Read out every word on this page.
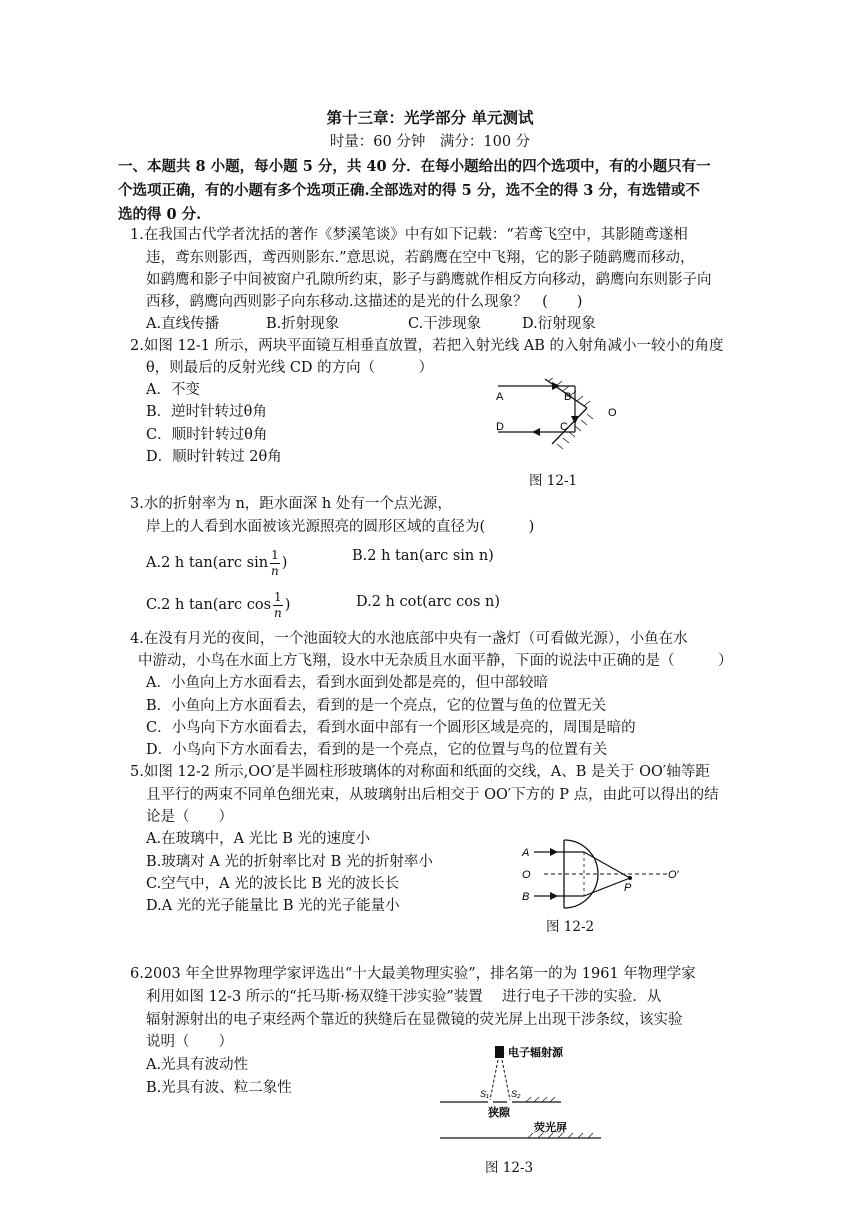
第十三章：光学部分 单元测试
时量：60 分钟　满分：100 分
一、本题共 8 小题，每小题 5 分，共 40 分．在每小题给出的四个选项中，有的小题只有一
个选项正确，有的小题有多个选项正确.全部选对的得 5 分，选不全的得 3 分，有选错或不
选的得 0 分.
1.在我国古代学者沈括的著作《梦溪笔谈》中有如下记载：“若鸢飞空中，其影随鸢遂相
违，鸢东则影西，鸢西则影东.”意思说，若鹞鹰在空中飞翔，它的影子随鹞鹰而移动，
如鹞鹰和影子中间被窗户孔隙所约束，影子与鹞鹰就作相反方向移动，鹞鹰向东则影子向
西移，鹞鹰向西则影子向东移动.这描述的是光的什么现象？　(　　)
A.直线传播	B.折射现象	C.干涉现象	D.衍射现象
2.如图 12-1 所示，两块平面镜互相垂直放置，若把入射光线 AB 的入射角减小一较小的角度
θ，则最后的反射光线 CD 的方向（　　　）
A．不变
B．逆时针转过θ角
C．顺时针转过θ角
D．顺时针转过 2θ角
A	B
C
D
O
图 12-1
3.水的折射率为 n，距水面深 h 处有一个点光源，
岸上的人看到水面被该光源照亮的圆形区域的直径为(　　　)
A.2 h tan(arc $\sin \frac{1}{n}$ )	B.2 h tan(arc sin n)
C.2 h tan(arc $\cos \frac{1}{n}$ )	D.2 h cot(arc cos n)
4.在没有月光的夜间，一个池面较大的水池底部中央有一盏灯（可看做光源），小鱼在水
中游动，小鸟在水面上方飞翔，设水中无杂质且水面平静，下面的说法中正确的是（　　　）
A．小鱼向上方水面看去，看到水面到处都是亮的，但中部较暗
B．小鱼向上方水面看去，看到的是一个亮点，它的位置与鱼的位置无关
C．小鸟向下方水面看去，看到水面中部有一个圆形区域是亮的，周围是暗的
D．小鸟向下方水面看去，看到的是一个亮点，它的位置与鸟的位置有关
5.如图 12-2 所示,OO′是半圆柱形玻璃体的对称面和纸面的交线，A、B 是关于 OO′轴等距
且平行的两束不同单色细光束，从玻璃射出后相交于 OO′下方的 P 点，由此可以得出的结
论是（　　）
A.在玻璃中，A 光比 B 光的速度小
B.玻璃对 A 光的折射率比对 B 光的折射率小
C.空气中，A 光的波长比 B 光的波长长
D.A 光的光子能量比 B 光的光子能量小
A
O
B
P
O′
图 12-2
6.2003 年全世界物理学家评选出“十大最美物理实验”，排名第一的为 1961 年物理学家
利用如图 12-3 所示的“托马斯·杨双缝干涉实验”装置　 进行电子干涉的实验．从
辐射源射出的电子束经两个靠近的狭缝后在显微镜的荧光屏上出现干涉条纹，该实验
说明（　　）
A.光具有波动性
B.光具有波、粒二象性
电子辐射源
S₁ S₂
狭隙
荧光屏
图 12-3
